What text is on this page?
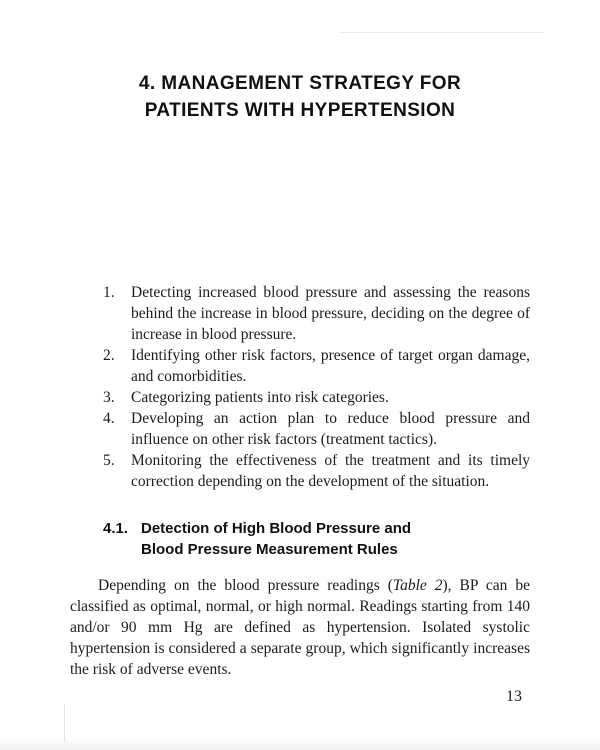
4. MANAGEMENT STRATEGY FOR
PATIENTS WITH HYPERTENSION
1.	Detecting increased blood pressure and assessing the reasons behind the increase in blood pressure, deciding on the degree of increase in blood pressure.
2.	Identifying other risk factors, presence of target organ damage, and comorbidities.
3.	Categorizing patients into risk categories.
4.	Developing an action plan to reduce blood pressure and influence on other risk factors (treatment tactics).
5.	Monitoring the effectiveness of the treatment and its timely correction depending on the development of the situation.
4.1. Detection of High Blood Pressure and Blood Pressure Measurement Rules

Depending on the blood pressure readings (Table 2), BP can be classified as optimal, normal, or high normal. Readings starting from 140 and/or 90 mm Hg are defined as hypertension. Isolated systolic hypertension is considered a separate group, which significantly increases the risk of adverse events.

13
